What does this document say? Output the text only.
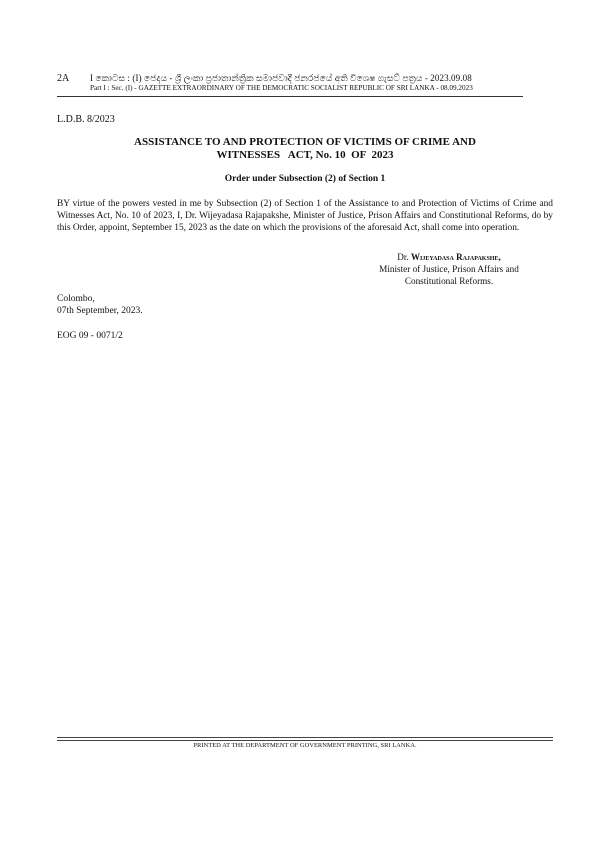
2A I කොටස : (I) ජෙදය - ශ්‍රී ලංකා ප්‍රජාතාන්ත්‍රික සමාජවාදී ජනරජයේ අති විශෙෂ ගැසට් පත්‍රය - 2023.09.08
Part I : Sec. (I) - GAZETTE EXTRAORDINARY OF THE DEMOCRATIC SOCIALIST REPUBLIC OF SRI LANKA - 08.09.2023
L.D.B. 8/2023
ASSISTANCE TO AND PROTECTION OF VICTIMS OF CRIME AND
WITNESSES   ACT, No. 10  OF  2023
Order under Subsection (2) of Section 1

BY virtue of the powers vested in me by Subsection (2) of Section 1 of the Assistance to and Protection of Victims of Crime and Witnesses Act, No. 10 of 2023, I, Dr. Wijeyadasa Rajapakshe, Minister of Justice, Prison Affairs and Constitutional Reforms, do by this Order, appoint, September 15, 2023 as the date on which the provisions of the aforesaid Act, shall come into operation.

Dr. Wijeyadasa Rajapakshe,
Minister of Justice, Prison Affairs and
Constitutional Reforms.
Colombo,
07th September, 2023.
EOG 09 - 0071/2
PRINTED AT THE DEPARTMENT OF GOVERNMENT PRINTING, SRI LANKA.
